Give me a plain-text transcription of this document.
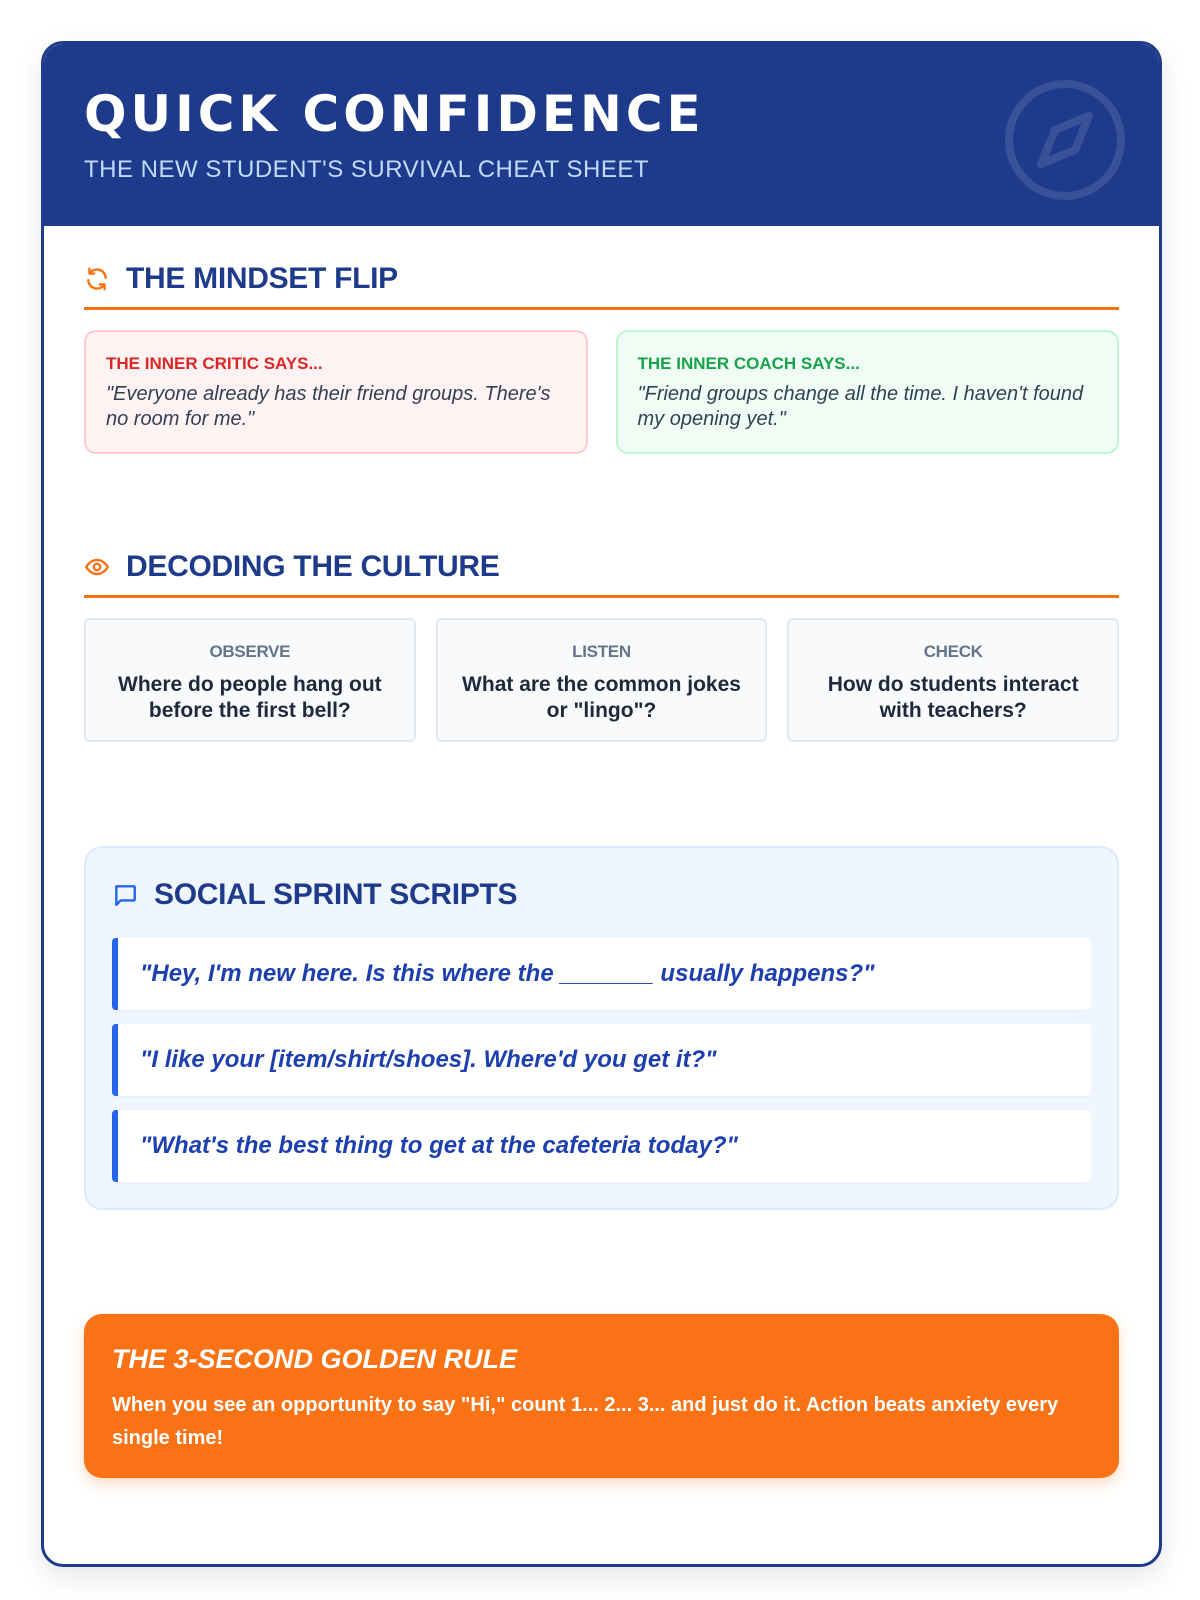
QUICK CONFIDENCE
THE NEW STUDENT'S SURVIVAL CHEAT SHEET
THE MINDSET FLIP
THE INNER CRITIC SAYS...
"Everyone already has their friend groups. There's no room for me."
THE INNER COACH SAYS...
"Friend groups change all the time. I haven't found my opening yet."
DECODING THE CULTURE
OBSERVE
Where do people hang out before the first bell?
LISTEN
What are the common jokes or "lingo"?
CHECK
How do students interact with teachers?
SOCIAL SPRINT SCRIPTS
"Hey, I'm new here. Is this where the _______ usually happens?"
"I like your [item/shirt/shoes]. Where'd you get it?"
"What's the best thing to get at the cafeteria today?"
THE 3-SECOND GOLDEN RULE
When you see an opportunity to say "Hi," count 1... 2... 3... and just do it. Action beats anxiety every single time!
